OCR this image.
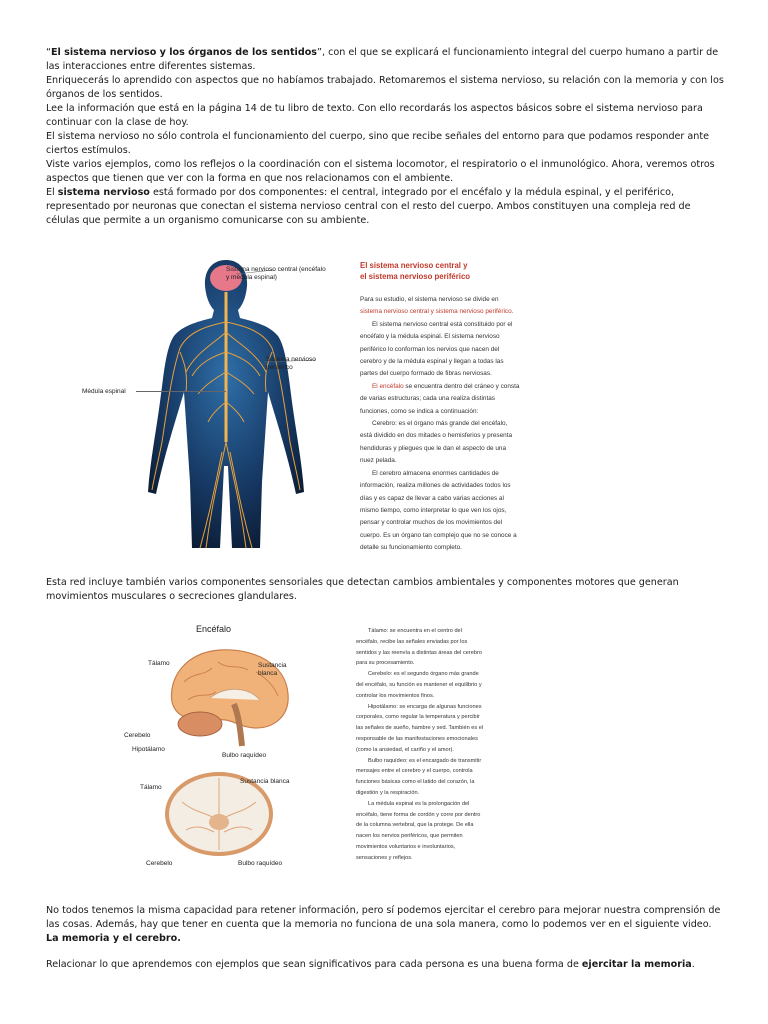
“El sistema nervioso y los órganos de los sentidos”, con el que se explicará el funcionamiento integral del cuerpo humano a partir de las interacciones entre diferentes sistemas.

Enriquecerás lo aprendido con aspectos que no habíamos trabajado. Retomaremos el sistema nervioso, su relación con la memoria y con los órganos de los sentidos.

Lee la información que está en la página 14 de tu libro de texto. Con ello recordarás los aspectos básicos sobre el sistema nervioso para continuar con la clase de hoy.

El sistema nervioso no sólo controla el funcionamiento del cuerpo, sino que recibe señales del entorno para que podamos responder ante ciertos estímulos.

Viste varios ejemplos, como los reflejos o la coordinación con el sistema locomotor, el respiratorio o el inmunológico. Ahora, veremos otros aspectos que tienen que ver con la forma en que nos relacionamos con el ambiente.

El sistema nervioso está formado por dos componentes: el central, integrado por el encéfalo y la médula espinal, y el periférico, representado por neuronas que conectan el sistema nervioso central con el resto del cuerpo. Ambos constituyen una compleja red de células que permite a un organismo comunicarse con su ambiente.

Sistema nervioso central (encéfalo y médula espinal)
Sistema nervioso periférico
Médula espinal

El sistema nervioso central y

el sistema nervioso periférico

Para su estudio, el sistema nervioso se divide en sistema nervioso central y sistema nervioso periférico.

El sistema nervioso central está constituido por el encéfalo y la médula espinal. El sistema nervioso periférico lo conforman los nervios que nacen del cerebro y de la médula espinal y llegan a todas las partes del cuerpo formado de fibras nerviosas.

El encéfalo se encuentra dentro del cráneo y consta de varias estructuras; cada una realiza distintas funciones, como se indica a continuación:

Cerebro: es el órgano más grande del encéfalo, está dividido en dos mitades o hemisferios y presenta hendiduras y pliegues que le dan el aspecto de una nuez pelada.

El cerebro almacena enormes cantidades de información, realiza millones de actividades todos los días y es capaz de llevar a cabo varias acciones al mismo tiempo, como interpretar lo que ven los ojos, pensar y controlar muchos de los movimientos del cuerpo. Es un órgano tan complejo que no se conoce a detalle su funcionamiento completo.

Esta red incluye también varios componentes sensoriales que detectan cambios ambientales y componentes motores que generan movimientos musculares o secreciones glandulares.

Encéfalo
Tálamo	Sustancia blanca
Cerebelo
Hipotálamo
Bulbo raquídeo
Tálamo
Sustancia blanca
Cerebelo	Bulbo raquídeo

Tálamo: se encuentra en el centro del encéfalo, recibe las señales enviadas por los sentidos y las reenvía a distintas áreas del cerebro para su procesamiento.

Cerebelo: es el segundo órgano más grande del encéfalo, su función es mantener el equilibrio y controlar los movimientos finos.

Hipotálamo: se encarga de algunas funciones corporales, como regular la temperatura y percibir las señales de sueño, hambre y sed. También es el responsable de las manifestaciones emocionales (como la ansiedad, el cariño y el amor).

Bulbo raquídeo: es el encargado de transmitir mensajes entre el cerebro y el cuerpo, controla funciones básicas como el latido del corazón, la digestión y la respiración.

La médula espinal es la prolongación del encéfalo, tiene forma de cordón y corre por dentro de la columna vertebral, que la protege. De ella nacen los nervios periféricos, que permiten movimientos voluntarios e involuntarios, sensaciones y reflejos.

No todos tenemos la misma capacidad para retener información, pero sí podemos ejercitar el cerebro para mejorar nuestra comprensión de las cosas. Además, hay que tener en cuenta que la memoria no funciona de una sola manera, como lo podemos ver en el siguiente video.

La memoria y el cerebro.

Relacionar lo que aprendemos con ejemplos que sean significativos para cada persona es una buena forma de ejercitar la memoria.
